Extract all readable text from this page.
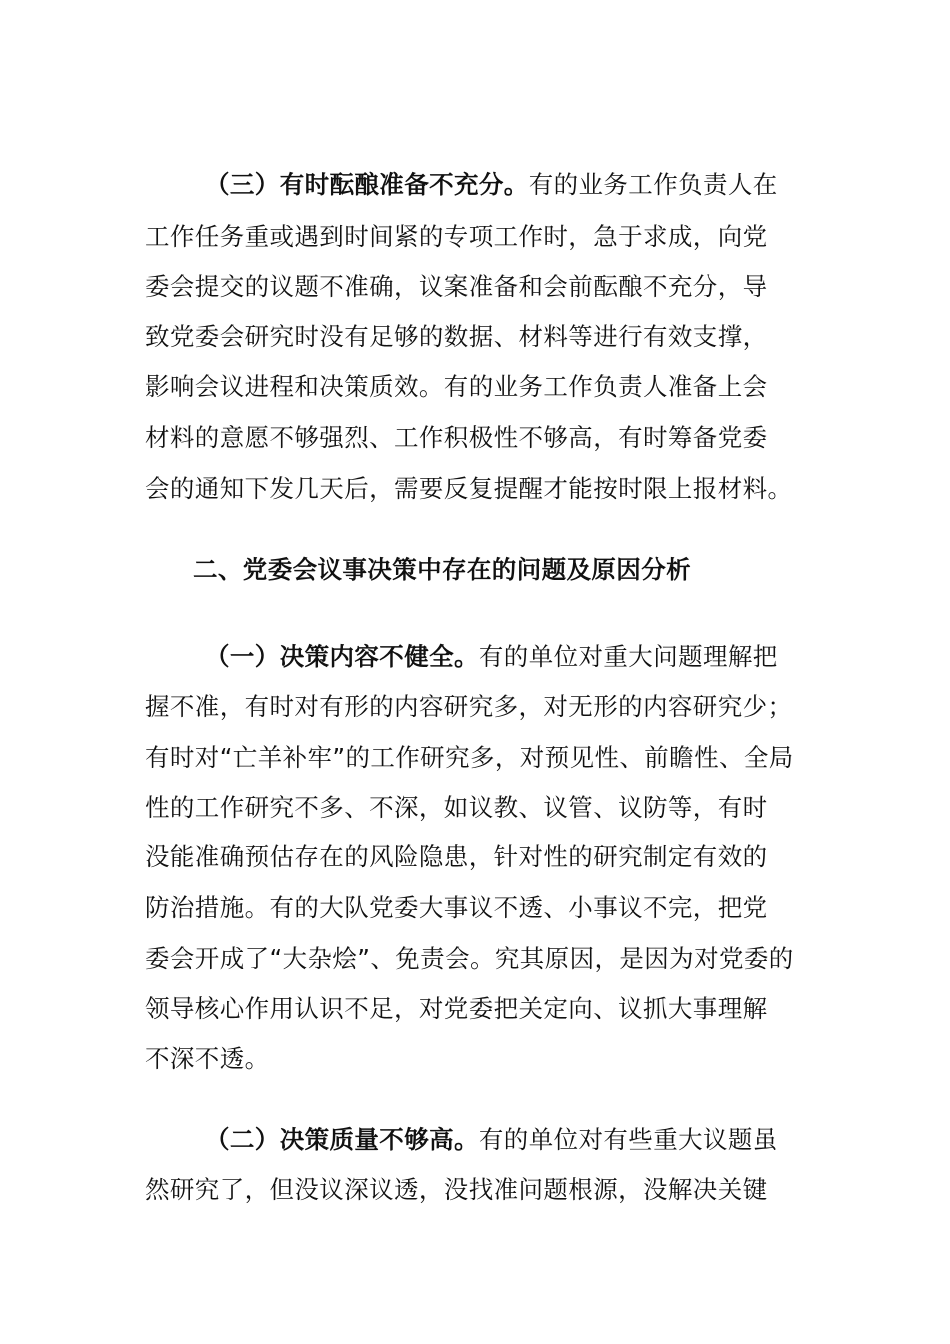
（三）有时酝酿准备不充分。有的业务工作负责人在
工作任务重或遇到时间紧的专项工作时，急于求成，向党
委会提交的议题不准确，议案准备和会前酝酿不充分，导
致党委会研究时没有足够的数据、材料等进行有效支撑，
影响会议进程和决策质效。有的业务工作负责人准备上会
材料的意愿不够强烈、工作积极性不够高，有时筹备党委
会的通知下发几天后，需要反复提醒才能按时限上报材料。
二、党委会议事决策中存在的问题及原因分析
（一）决策内容不健全。有的单位对重大问题理解把
握不准，有时对有形的内容研究多，对无形的内容研究少；
有时对“亡羊补牢”的工作研究多，对预见性、前瞻性、全局
性的工作研究不多、不深，如议教、议管、议防等，有时
没能准确预估存在的风险隐患，针对性的研究制定有效的
防治措施。有的大队党委大事议不透、小事议不完，把党
委会开成了“大杂烩”、免责会。究其原因，是因为对党委的
领导核心作用认识不足，对党委把关定向、议抓大事理解
不深不透。
（二）决策质量不够高。有的单位对有些重大议题虽
然研究了，但没议深议透，没找准问题根源，没解决关键
